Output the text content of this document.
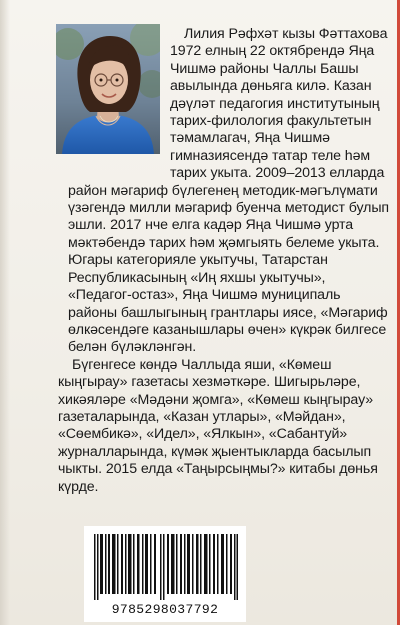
Лилия Рәфхәт кызы Фәттахова 1972 елның 22 октябрендә Яңа Чишмә районы Чаллы Башы авылында дөньяга килә. Казан дәүләт педагогия институтының тарих-филология факультетын тәмамлагач, Яңа Чишмә гимназиясендә татар теле һәм тарих укыта. 2009–2013 елларда район мәгариф бүлегенең методик-мәгълүмати үзәгендә милли мәгариф буенча методист булып эшли. 2017 нче елга кадәр Яңа Чишмә урта мәктәбендә тарих һәм җәмгыять белеме укыта. Югары категорияле укытучы, Татарстан Республикасының «Иң яхшы укытучы», «Педагог-остаз», Яңа Чишмә муниципаль районы башлыгының грантлары иясе, «Мәгариф өлкәсендәге казанышлары өчен» күкрәк билгесе белән бүләкләнгән.

Бүгенгесе көндә Чаллыда яши, «Көмеш кыңгырау» газетасы хезмәткәре. Шигырьләре, хикәяләре «Мәдәни җомга», «Көмеш кыңгырау» газеталарында, «Казан утлары», «Мәйдан», «Сөембикә», «Идел», «Ялкын», «Сабантуй» журналларында, күмәк җыентыкларда басылып чыкты. 2015 елда «Таңырсыңмы?» китабы дөнья күрде.

9785298037792
